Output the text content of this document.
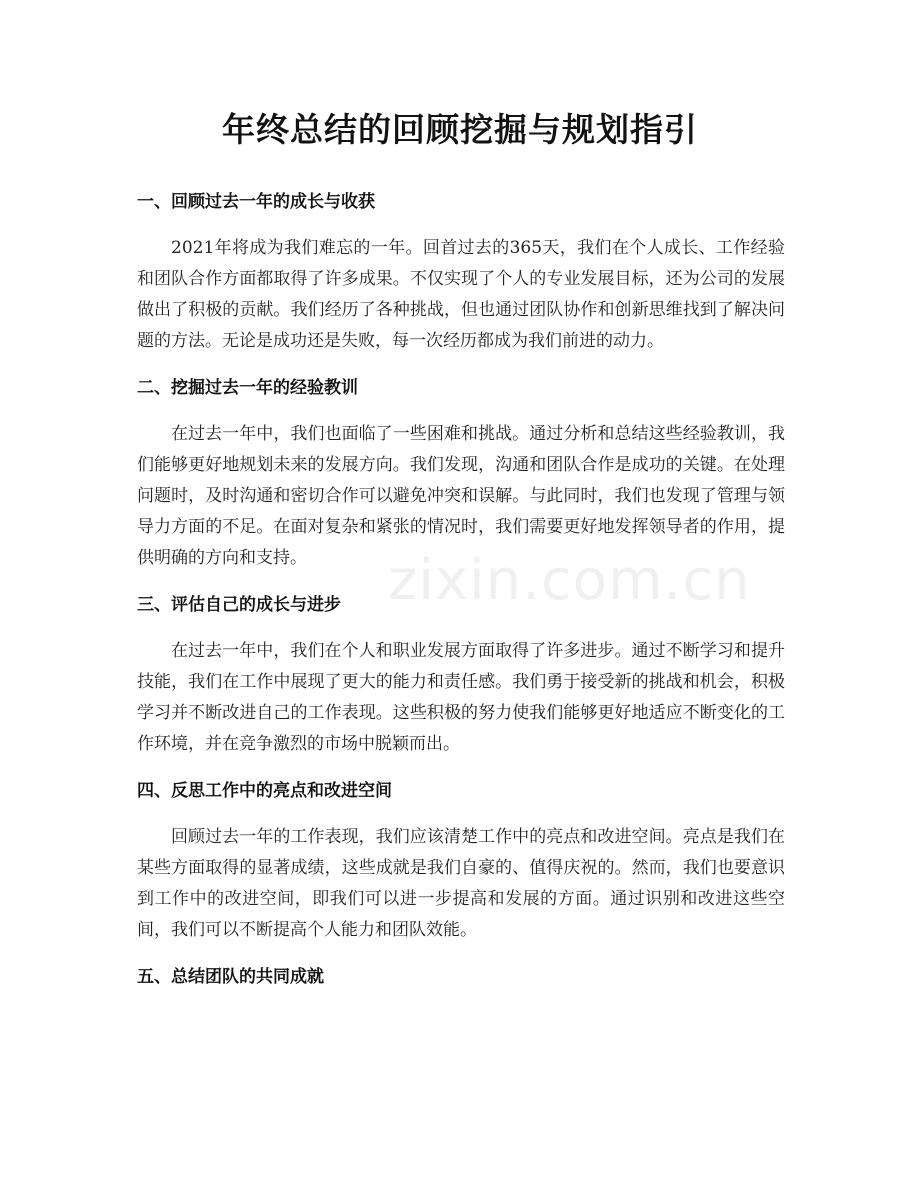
年终总结的回顾挖掘与规划指引
zixin.com.cn
一、回顾过去一年的成长与收获

2021年将成为我们难忘的一年。回首过去的365天，我们在个人成长、工作经验和团队合作方面都取得了许多成果。不仅实现了个人的专业发展目标，还为公司的发展做出了积极的贡献。我们经历了各种挑战，但也通过团队协作和创新思维找到了解决问题的方法。无论是成功还是失败，每一次经历都成为我们前进的动力。

二、挖掘过去一年的经验教训

在过去一年中，我们也面临了一些困难和挑战。通过分析和总结这些经验教训，我们能够更好地规划未来的发展方向。我们发现，沟通和团队合作是成功的关键。在处理问题时，及时沟通和密切合作可以避免冲突和误解。与此同时，我们也发现了管理与领导力方面的不足。在面对复杂和紧张的情况时，我们需要更好地发挥领导者的作用，提供明确的方向和支持。

三、评估自己的成长与进步

在过去一年中，我们在个人和职业发展方面取得了许多进步。通过不断学习和提升技能，我们在工作中展现了更大的能力和责任感。我们勇于接受新的挑战和机会，积极学习并不断改进自己的工作表现。这些积极的努力使我们能够更好地适应不断变化的工作环境，并在竞争激烈的市场中脱颖而出。

四、反思工作中的亮点和改进空间

回顾过去一年的工作表现，我们应该清楚工作中的亮点和改进空间。亮点是我们在某些方面取得的显著成绩，这些成就是我们自豪的、值得庆祝的。然而，我们也要意识到工作中的改进空间，即我们可以进一步提高和发展的方面。通过识别和改进这些空间，我们可以不断提高个人能力和团队效能。

五、总结团队的共同成就
